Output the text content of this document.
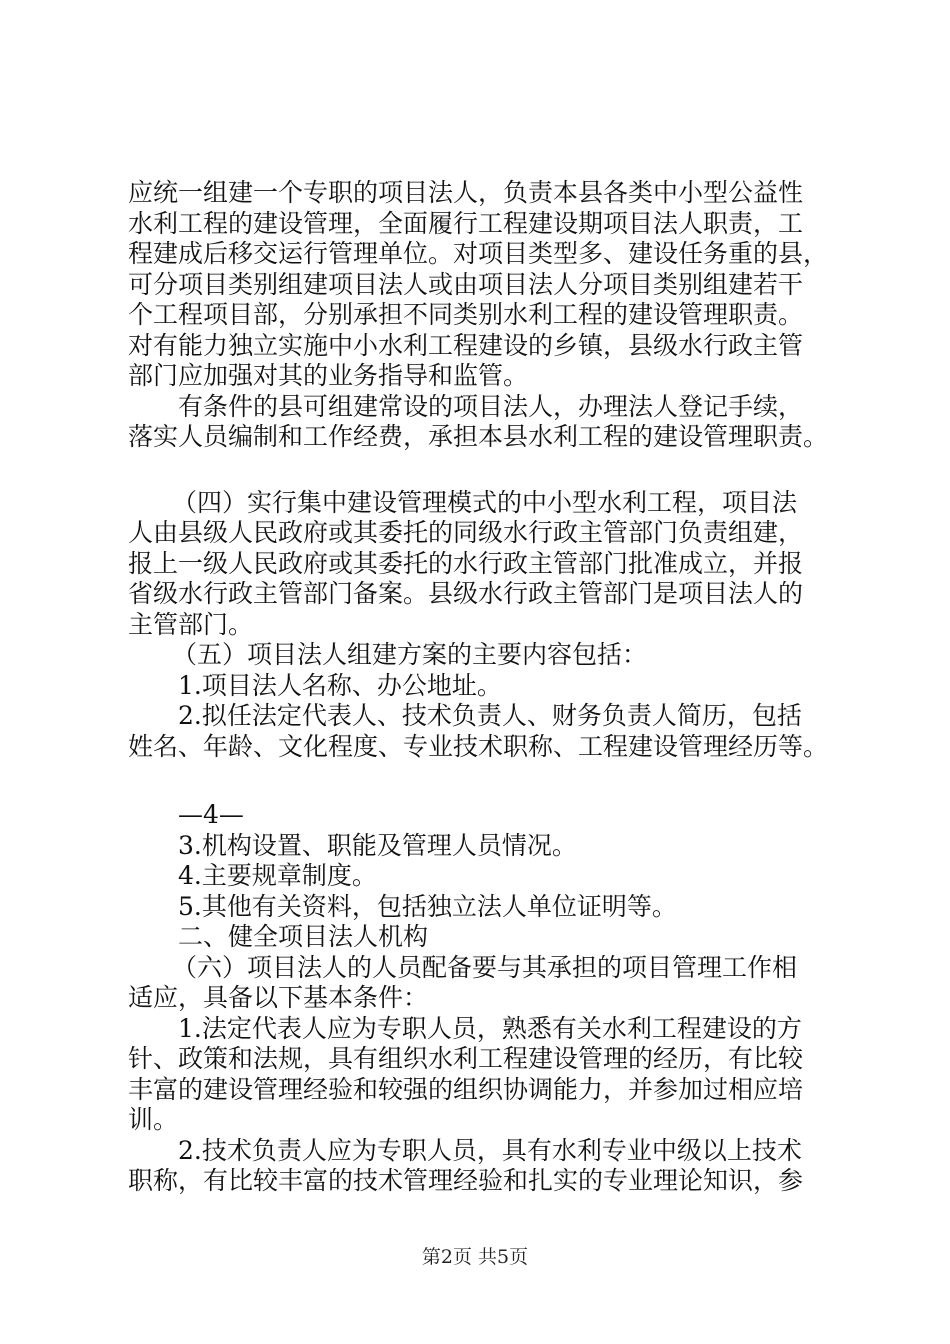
应统一组建一个专职的项目法人，负责本县各类中小型公益性
水利工程的建设管理，全面履行工程建设期项目法人职责，工
程建成后移交运行管理单位。对项目类型多、建设任务重的县，
可分项目类别组建项目法人或由项目法人分项目类别组建若干
个工程项目部，分别承担不同类别水利工程的建设管理职责。
对有能力独立实施中小水利工程建设的乡镇，县级水行政主管
部门应加强对其的业务指导和监管。
有条件的县可组建常设的项目法人，办理法人登记手续，
落实人员编制和工作经费，承担本县水利工程的建设管理职责。
（四）实行集中建设管理模式的中小型水利工程，项目法
人由县级人民政府或其委托的同级水行政主管部门负责组建，
报上一级人民政府或其委托的水行政主管部门批准成立，并报
省级水行政主管部门备案。县级水行政主管部门是项目法人的
主管部门。
（五）项目法人组建方案的主要内容包括：
1.项目法人名称、办公地址。
2.拟任法定代表人、技术负责人、财务负责人简历，包括
姓名、年龄、文化程度、专业技术职称、工程建设管理经历等。
—4—
3.机构设置、职能及管理人员情况。
4.主要规章制度。
5.其他有关资料，包括独立法人单位证明等。
二、健全项目法人机构
（六）项目法人的人员配备要与其承担的项目管理工作相
适应，具备以下基本条件：
1.法定代表人应为专职人员，熟悉有关水利工程建设的方
针、政策和法规，具有组织水利工程建设管理的经历，有比较
丰富的建设管理经验和较强的组织协调能力，并参加过相应培
训。
2.技术负责人应为专职人员，具有水利专业中级以上技术
职称，有比较丰富的技术管理经验和扎实的专业理论知识，参
第2页 共5页
